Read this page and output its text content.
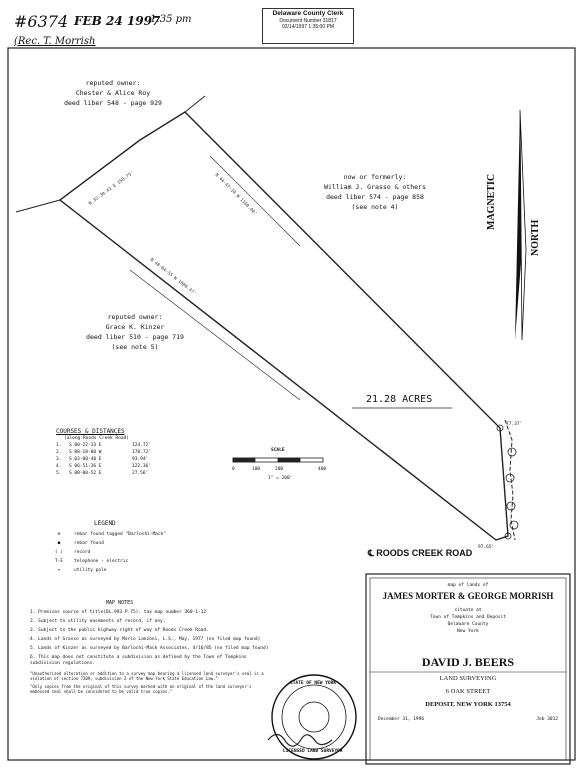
#6374 FEB 24 1997
1:35 pm
(Rec. T. Morrish
Delaware County Clerk
Document Number 31817
02/14/1997 1:35:00 PM
N 44-47-10 W 1160.40'
N 48-04-55 W 1088.47'
N 32-30-41 E 158.75'
reputed owner:
Chester & Alice Roy
deed liber 548 - page 929
now or formerly:
William J. Grasso & others
deed liber 574 - page 858
(see note 4)
reputed owner:
Grace K. Kinzer
deed liber 510 - page 719
(see note 5)
21.28 ACRES
MAGNETIC
NORTH
77.37'
97.65'
℄ ROODS CREEK ROAD
COURSES & DISTANCES
(along Roods Creek Road)
1.	S 00-22-13 E	124.72'
2.	S 08-18-00 W	178.72'
3.	S 03-08-40 E	93.94'
4.	S 06-51-36 E	122.36'
5.	S 00-00-52 E	27.56'
SCALE
0	100	200	400
1" = 200'
LEGEND
⊗	rebar found tagged "Barlochi-Mack"
●	rebar found
( )	record
T-E	telephone - electric
+	utility pole
MAP NOTES
1. Premises source of title(DL.993 P.75). tax map number 360-1-12
2. Subject to utility easements of record, if any.
3. Subject to the public highway right of way of Roods Creek Road.
4. Lands of Grasso as surveyed by Morio Lanzoni, L.S., May, 1977 (no filed map found)
5. Lands of Kinzer as surveyed by Barlochi-Mack Associates, 4/16/85 (no filed map found)
6. This map does not constitute a subdivision as defined by the Town of Tompkins subdivision regulations.
"Unauthorized alteration or addition to a survey map bearing a licensed land surveyor's seal is a violation of section 7209, subdivision 2 of the New York State Education Law."
"Only copies from the original of this survey marked with an original of the land surveyor's embossed seal shall be considered to be valid true copies."
STATE OF NEW YORK
LICENSED LAND SURVEYOR
map of lands of
JAMES MORTER & GEORGE MORRISH
situate at
Town of Tompkins and Deposit
Delaware County
New York
DAVID J. BEERS
LAND SURVEYING
6 OAK STREET
DEPOSIT, NEW YORK 13754
December 31, 1996	Job 3012
